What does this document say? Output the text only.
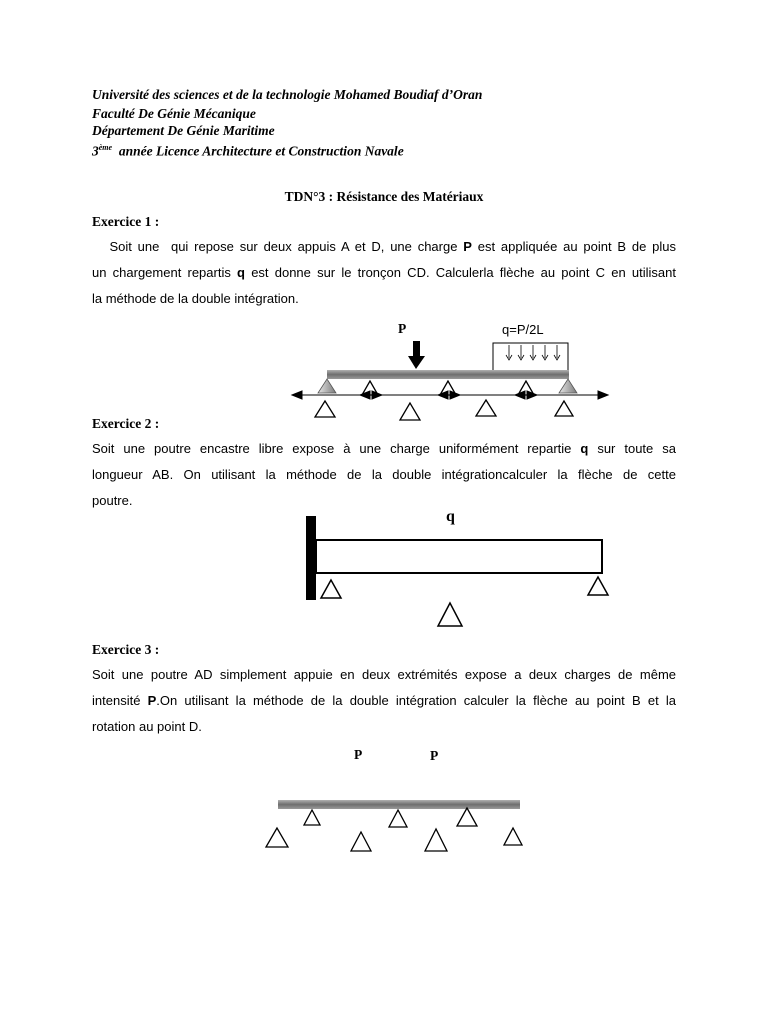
Université des sciences et de la technologie Mohamed Boudiaf d’Oran
Faculté De Génie Mécanique
Département De Génie Maritime
3ème  année Licence Architecture et Construction Navale
TDN°3 : Résistance des Matériaux
Exercice 1 :
Soit une  qui repose sur deux appuis A et D, une charge P est appliquée au point B de plus
un chargement repartis q est donne sur le tronçon CD. Calculerla flèche au point C en utilisant
la méthode de la double intégration.
P	q=P/2L
Exercice 2 :
Soit une poutre encastre libre expose à une charge uniformément repartie q sur toute sa
longueur AB. On utilisant la méthode de la double intégrationcalculer la flèche de cette
poutre.
q
Exercice 3 :
Soit une poutre AD simplement appuie en deux extrémités expose a deux charges de même
intensité P.On utilisant la méthode de la double intégration calculer la flèche au point B et la
rotation au point D.
P	P
